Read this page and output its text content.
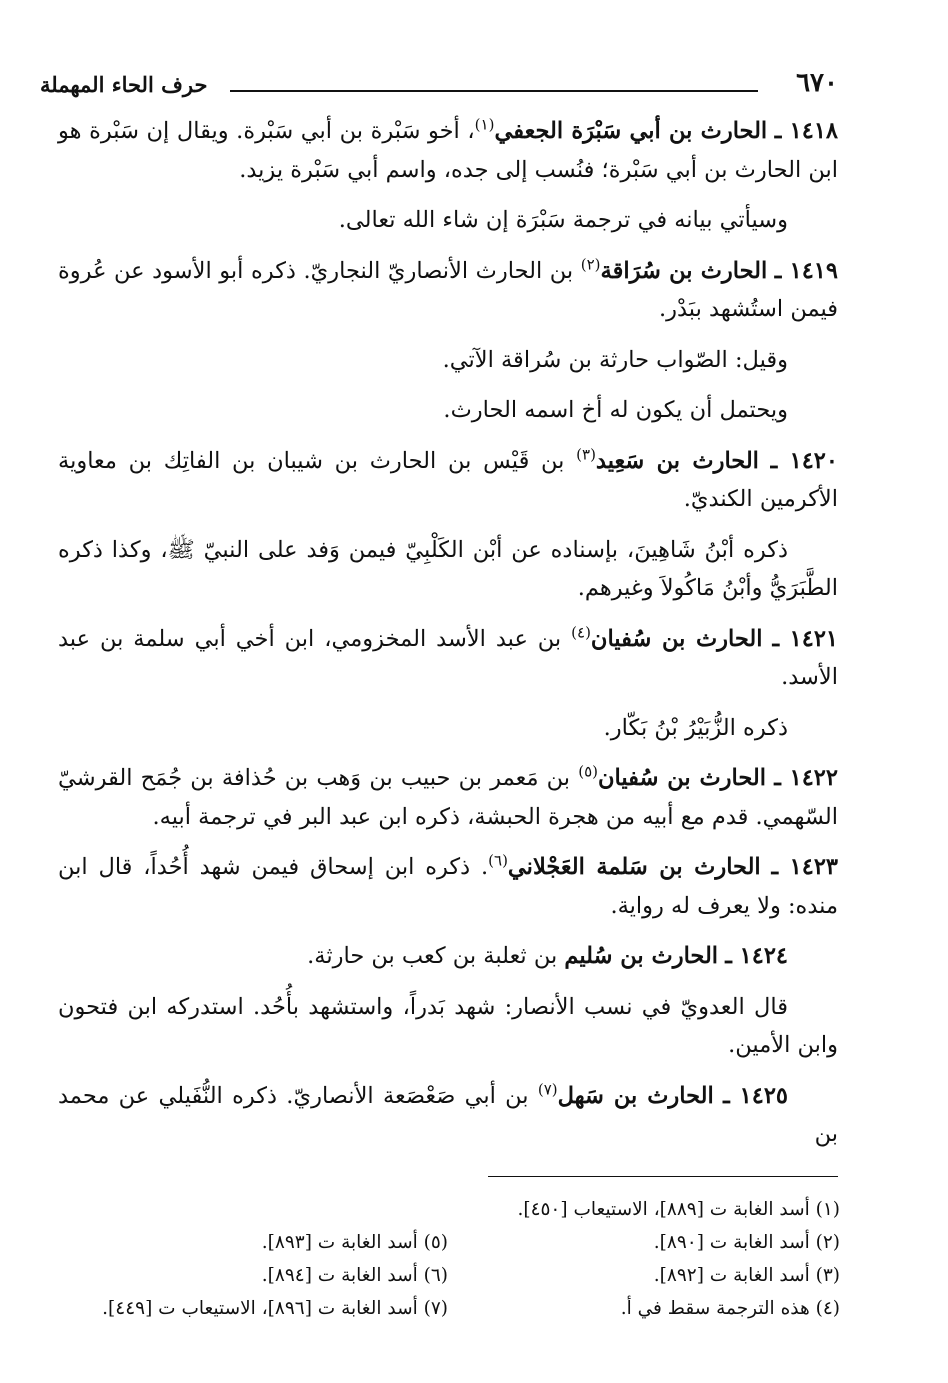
٦٧٠
حرف الحاء المهملة

١٤١٨ ـ الحارث بن أبي سَبْرَة الجعفي$^{(١)}$، أخو سَبْرة بن أبي سَبْرة. ويقال إن سَبْرة هو ابن الحارث بن أبي سَبْرة؛ فنُسب إلى جده، واسم أبي سَبْرة يزيد.

وسيأتي بيانه في ترجمة سَبْرَة إن شاء الله تعالى.

١٤١٩ ـ الحارث بن سُرَاقة$^{(٢)}$ بن الحارث الأنصاريّ النجاريّ. ذكره أبو الأسود عن عُروة فيمن استُشهد ببَدْر.

وقيل: الصّواب حارثة بن سُراقة الآتي.

ويحتمل أن يكون له أخ اسمه الحارث.

١٤٢٠ ـ الحارث بن سَعِيد$^{(٣)}$ بن قَيْس بن الحارث بن شيبان بن الفاتِك بن معاوية الأكرمين الكنديّ.

ذكره أبْنُ شَاهِينَ، بإسناده عن أبْن الكَلْبِيّ فيمن وَفد على النبيّ ﷺ، وكذا ذكره الطَّبَرَيُّ وأبْنُ مَاكُولاَ وغيرهم.

١٤٢١ ـ الحارث بن سُفيان$^{(٤)}$ بن عبد الأسد المخزومي، ابن أخي أبي سلمة بن عبد الأسد.

ذكره الزُّبَيْرُ بْنُ بَكّار.

١٤٢٢ ـ الحارث بن سُفيان$^{(٥)}$ بن مَعمر بن حبيب بن وَهب بن حُذافة بن جُمَح القرشيّ السّهمي. قدم مع أبيه من هجرة الحبشة، ذكره ابن عبد البر في ترجمة أبيه.

١٤٢٣ ـ الحارث بن سَلمة العَجْلاني$^{(٦)}$. ذكره ابن إسحاق فيمن شهد أُحُداً، قال ابن منده: ولا يعرف له رواية.

١٤٢٤ ـ الحارث بن سُليم بن ثعلبة بن كعب بن حارثة.

قال العدويّ في نسب الأنصار: شهد بَدراً، واستشهد بأُحُد. استدركه ابن فتحون وابن الأمين.

١٤٢٥ ـ الحارث بن سَهل$^{(٧)}$ بن أبي صَعْصَعة الأنصاريّ. ذكره النُّفَيلي عن محمد بن

(١) أسد الغابة ت [٨٨٩]، الاستيعاب [٤٥٠].
(٢) أسد الغابة ت [٨٩٠].
(٣) أسد الغابة ت [٨٩٢].
(٤) هذه الترجمة سقط في أ.
(٥) أسد الغابة ت [٨٩٣].
(٦) أسد الغابة ت [٨٩٤].
(٧) أسد الغابة ت [٨٩٦]، الاستيعاب ت [٤٤٩].
